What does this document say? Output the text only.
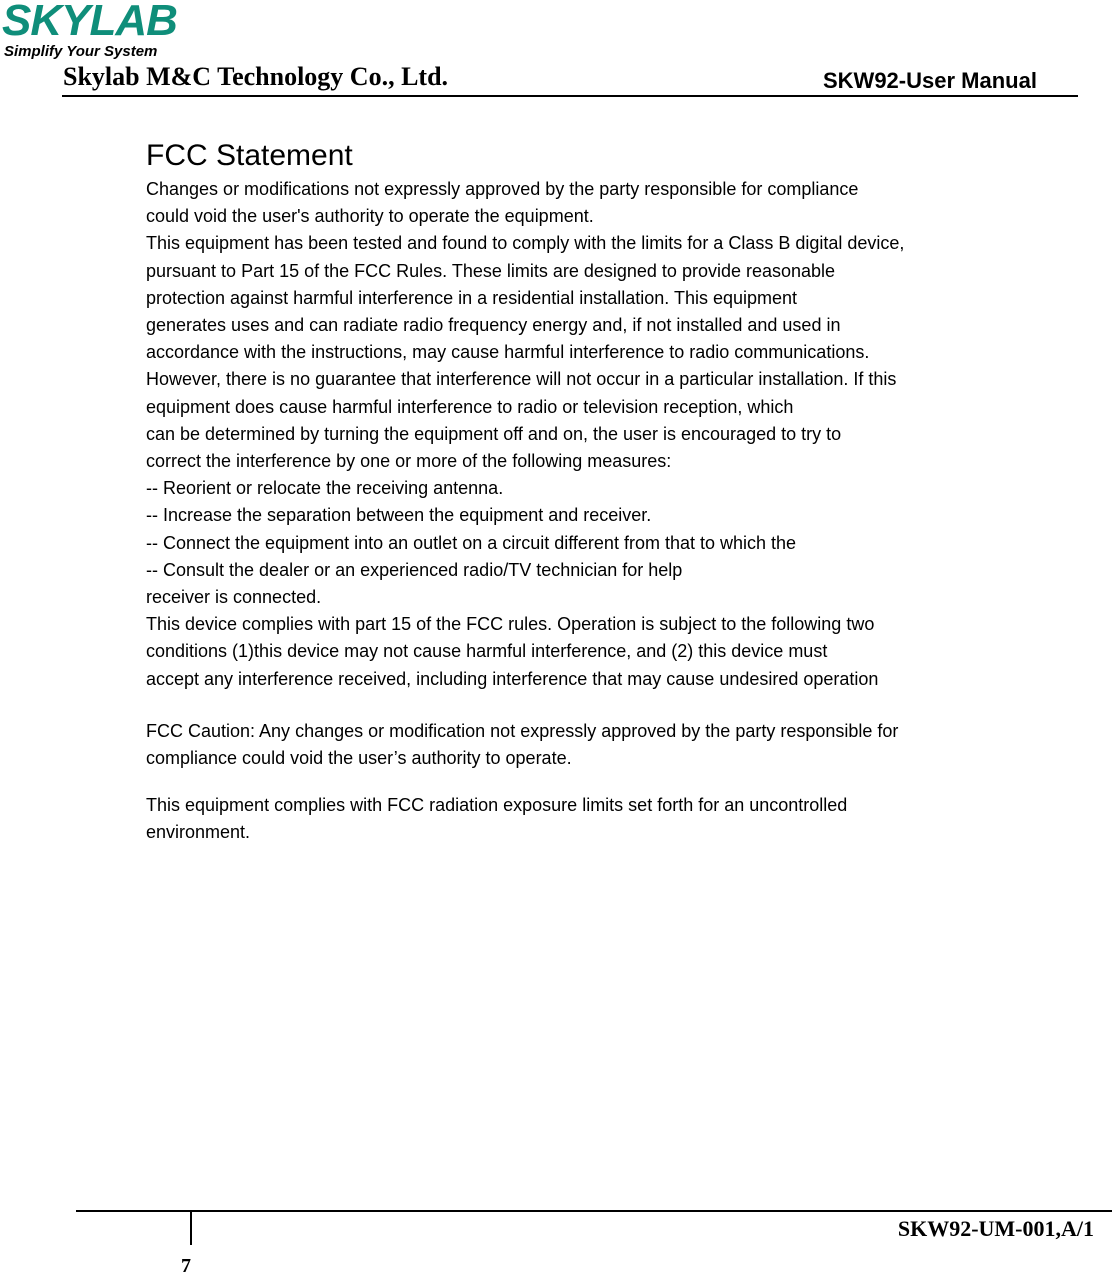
SKYLAB
Simplify Your System
Skylab M&C Technology Co., Ltd.	SKW92-User Manual
FCC Statement
Changes or modifications not expressly approved by the party responsible for compliance
could void the user's authority to operate the equipment.
This equipment has been tested and found to comply with the limits for a Class B digital device,
pursuant to Part 15 of the FCC Rules. These limits are designed to provide reasonable
protection against harmful interference in a residential installation. This equipment
generates uses and can radiate radio frequency energy and, if not installed and used in
accordance with the instructions, may cause harmful interference to radio communications.
However, there is no guarantee that interference will not occur in a particular installation. If this
equipment does cause harmful interference to radio or television reception, which
can be determined by turning the equipment off and on, the user is encouraged to try to
correct the interference by one or more of the following measures:
-- Reorient or relocate the receiving antenna.
-- Increase the separation between the equipment and receiver.
-- Connect the equipment into an outlet on a circuit different from that to which the
-- Consult the dealer or an experienced radio/TV technician for help
receiver is connected.
This device complies with part 15 of the FCC rules. Operation is subject to the following two
conditions (1)this device may not cause harmful interference, and (2) this device must
accept any interference received, including interference that may cause undesired operation
FCC Caution: Any changes or modification not expressly approved by the party responsible for
compliance could void the user’s authority to operate.
This equipment complies with FCC radiation exposure limits set forth for an uncontrolled
environment.
SKW92-UM-001,A/1
7
